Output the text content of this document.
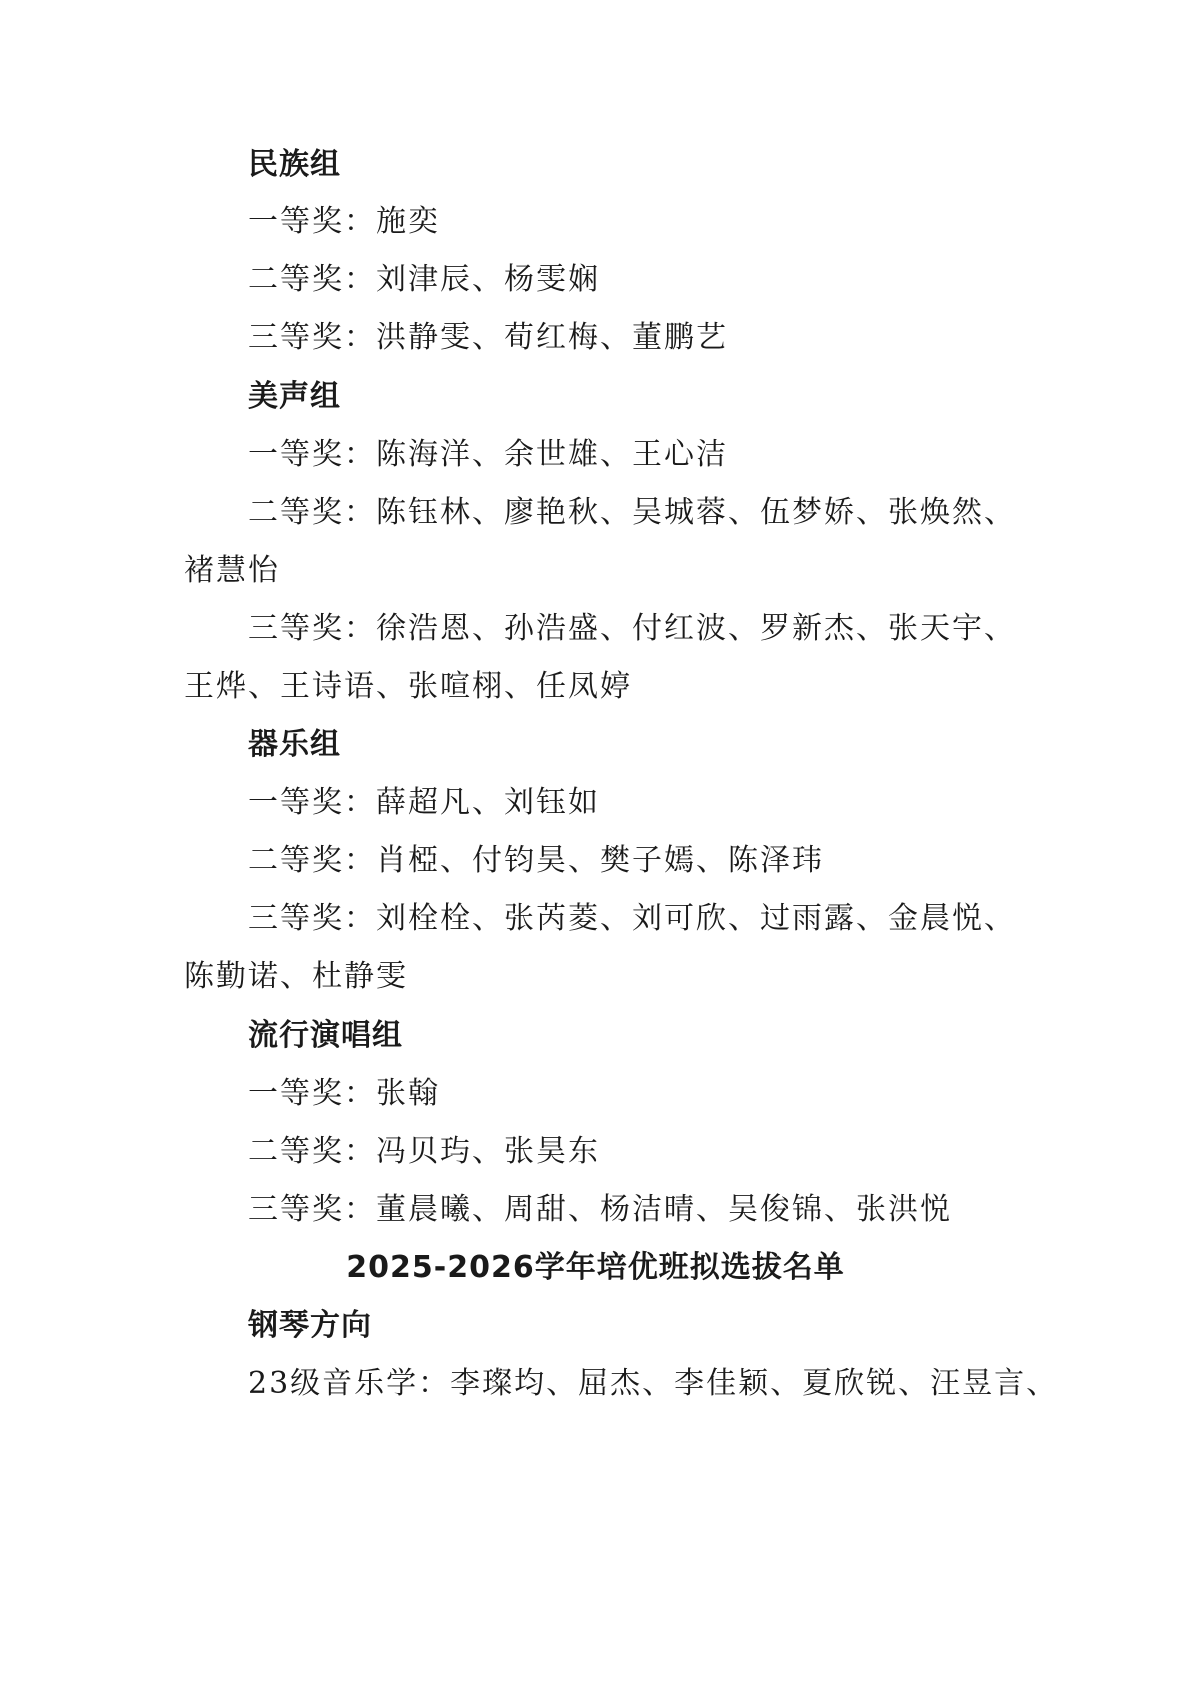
民族组
一等奖：施奕
二等奖：刘津辰、杨雯娴
三等奖：洪静雯、荀红梅、董鹏艺
美声组
一等奖：陈海洋、余世雄、王心洁
二等奖：陈钰林、廖艳秋、吴城蓉、伍梦娇、张焕然、
褚慧怡
三等奖：徐浩恩、孙浩盛、付红波、罗新杰、张天宇、
王烨、王诗语、张喧栩、任凤婷
器乐组
一等奖：薛超凡、刘钰如
二等奖：肖椏、付钧昊、樊子嫣、陈泽玮
三等奖：刘栓栓、张芮菱、刘可欣、过雨露、金晨悦、
陈勤诺、杜静雯
流行演唱组
一等奖：张翰
二等奖：冯贝玙、张昊东
三等奖：董晨曦、周甜、杨洁晴、吴俊锦、张洪悦
2025-2026学年培优班拟选拔名单
钢琴方向
23级音乐学：李璨均、屈杰、李佳颖、夏欣锐、汪昱言、
